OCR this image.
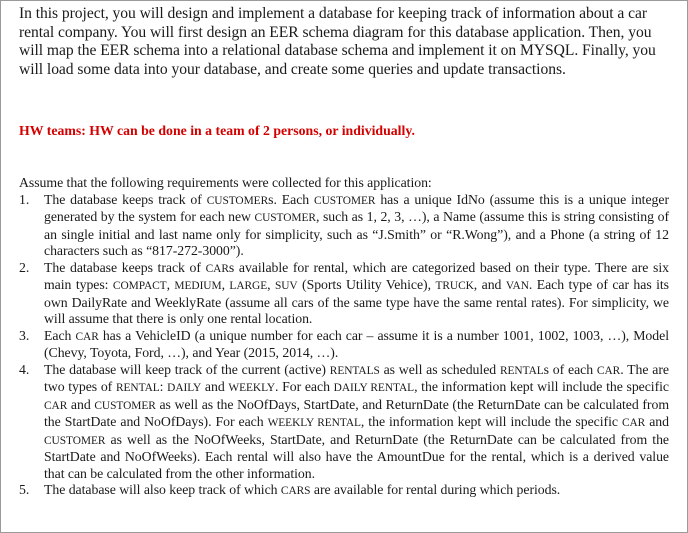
In this project, you will design and implement a database for keeping track of information about a car rental company. You will first design an EER schema diagram for this database application. Then, you will map the EER schema into a relational database schema and implement it on MYSQL. Finally, you will load some data into your database, and create some queries and update transactions.

HW teams: HW can be done in a team of 2 persons, or individually.

Assume that the following requirements were collected for this application:

1. The database keeps track of CUSTOMERs. Each CUSTOMER has a unique IdNo (assume this is a unique integer generated by the system for each new CUSTOMER, such as 1, 2, 3, …), a Name (assume this is string consisting of an single initial and last name only for simplicity, such as “J.Smith” or “R.Wong”), and a Phone (a string of 12 characters such as “817-272-3000”).
2. The database keeps track of CARs available for rental, which are categorized based on their type. There are six main types: COMPACT, MEDIUM, LARGE, SUV (Sports Utility Vehice), TRUCK, and VAN. Each type of car has its own DailyRate and WeeklyRate (assume all cars of the same type have the same rental rates). For simplicity, we will assume that there is only one rental location.
3. Each CAR has a VehicleID (a unique number for each car – assume it is a number 1001, 1002, 1003, …), Model (Chevy, Toyota, Ford, …), and Year (2015, 2014, …).
4. The database will keep track of the current (active) RENTALS as well as scheduled RENTALs of each CAR. The are two types of RENTAL: DAILY and WEEKLY. For each DAILY RENTAL, the information kept will include the specific CAR and CUSTOMER as well as the NoOfDays, StartDate, and ReturnDate (the ReturnDate can be calculated from the StartDate and NoOfDays). For each WEEKLY RENTAL, the information kept will include the specific CAR and CUSTOMER as well as the NoOfWeeks, StartDate, and ReturnDate (the ReturnDate can be calculated from the StartDate and NoOfWeeks). Each rental will also have the AmountDue for the rental, which is a derived value that can be calculated from the other information.
5. The database will also keep track of which CARS are available for rental during which periods.
